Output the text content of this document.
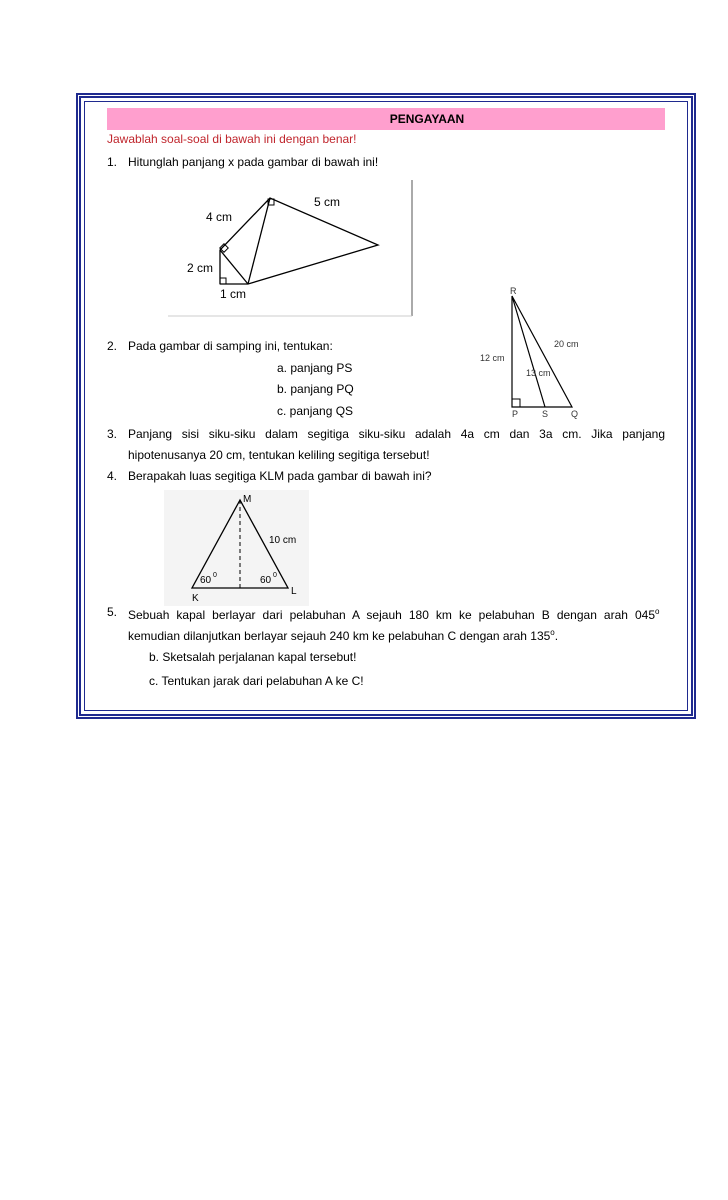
PENGAYAAN
Jawablah soal-soal di bawah ini dengan benar!
1. Hitunglah panjang x pada gambar di bawah ini!
4 cm
5 cm
2 cm
1 cm
2. Pada gambar di samping ini, tentukan:
a. panjang PS
b. panjang PQ
c. panjang QS
R
P	S	Q
12 cm
13 cm
20 cm
3. Panjang sisi siku-siku dalam segitiga siku-siku adalah 4a cm dan 3a cm. Jika panjang
hipotenusanya 20 cm, tentukan keliling segitiga tersebut!
4. Berapakah luas segitiga KLM pada gambar di bawah ini?
M
K
L
10 cm
60 0	60 0
5. Sebuah kapal berlayar dari pelabuhan A sejauh 180 km ke pelabuhan B dengan arah 045$^o$
kemudian dilanjutkan berlayar sejauh 240 km ke pelabuhan C dengan arah 135$^o$.
b. Sketsalah perjalanan kapal tersebut!
c. Tentukan jarak dari pelabuhan A ke C!
